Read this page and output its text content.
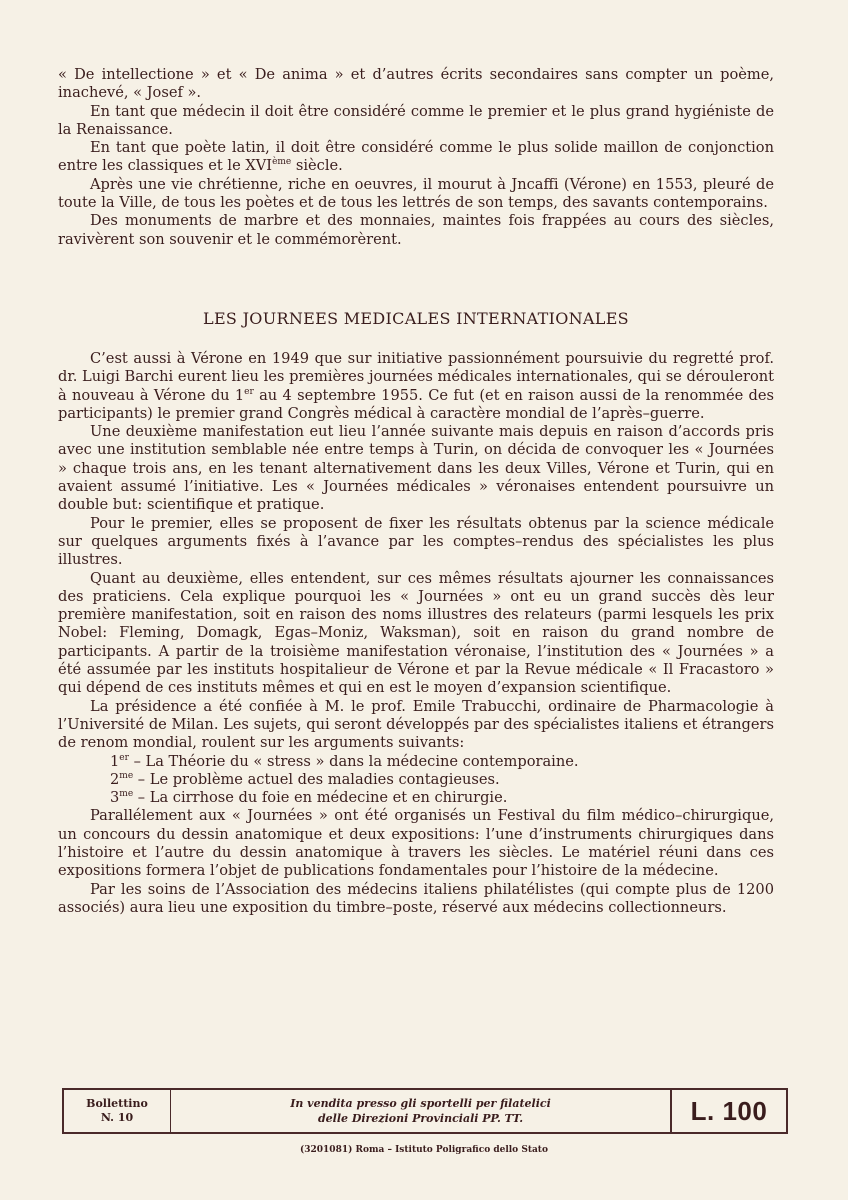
« De intellectione » et « De anima » et d’autres écrits secondaires sans compter un poème, inachevé, « Josef ».

En tant que médecin il doit être considéré comme le premier et le plus grand hygiéniste de la Renaissance.

En tant que poète latin, il doit être considéré comme le plus solide maillon de conjonction entre les classiques et le XVIème siècle.

Après une vie chrétienne, riche en oeuvres, il mourut à Jncaffi (Vérone) en 1553, pleuré de toute la Ville, de tous les poètes et de tous les lettrés de son temps, des savants contemporains.

Des monuments de marbre et des monnaies, maintes fois frappées au cours des siècles, ravivèrent son souvenir et le commémorèrent.

LES JOURNEES MEDICALES INTERNATIONALES

C’est aussi à Vérone en 1949 que sur initiative passionnément poursuivie du regretté prof. dr. Luigi Barchi eurent lieu les premières journées médicales internationales, qui se dérouleront à nouveau à Vérone du 1er au 4 septembre 1955. Ce fut (et en raison aussi de la renommée des participants) le premier grand Congrès médical à caractère mondial de l’après–guerre.

Une deuxième manifestation eut lieu l’année suivante mais depuis en raison d’accords pris avec une institution semblable née entre temps à Turin, on décida de convoquer les « Journées » chaque trois ans, en les tenant alternativement dans les deux Villes, Vérone et Turin, qui en avaient assumé l’initiative. Les « Journées médicales » véronaises entendent poursuivre un double but: scientifique et pratique.

Pour le premier, elles se proposent de fixer les résultats obtenus par la science médicale sur quelques arguments fixés à l’avance par les comptes–rendus des spécialistes les plus illustres.

Quant au deuxième, elles entendent, sur ces mêmes résultats ajourner les connaissances des praticiens. Cela explique pourquoi les « Journées » ont eu un grand succès dès leur première manifestation, soit en raison des noms illustres des relateurs (parmi lesquels les prix Nobel: Fleming, Domagk, Egas–Moniz, Waksman), soit en raison du grand nombre de participants. A partir de la troisième manifestation véronaise, l’institution des « Journées » a été assumée par les instituts hospitalieur de Vérone et par la Revue médicale « Il Fracastoro » qui dépend de ces instituts mêmes et qui en est le moyen d’expansion scientifique.

La présidence a été confiée à M. le prof. Emile Trabucchi, ordinaire de Pharmacologie à l’Université de Milan. Les sujets, qui seront développés par des spécialistes italiens et étrangers de renom mondial, roulent sur les arguments suivants:

1er – La Théorie du « stress » dans la médecine contemporaine.
$2^{me}$ – Le problème actuel des maladies contagieuses.
$3^{me}$ – La cirrhose du foie en médecine et en chirurgie.

Parallélement aux « Journées » ont été organisés un Festival du film médico–chirurgique, un concours du dessin anatomique et deux expositions: l’une d’instruments chirurgiques dans l’histoire et l’autre du dessin anatomique à travers les siècles. Le matériel réuni dans ces expositions formera l’objet de publications fondamentales pour l’histoire de la médecine.

Par les soins de l’Association des médecins italiens philatélistes (qui compte plus de 1200 associés) aura lieu une exposition du timbre–poste, réservé aux médecins collectionneurs.

Bollettino
N. 10
In vendita presso gli sportelli per filatelici
delle Direzioni Provinciali PP. TT.	L. 100
(3201081) Roma – Istituto Poligrafico dello Stato
